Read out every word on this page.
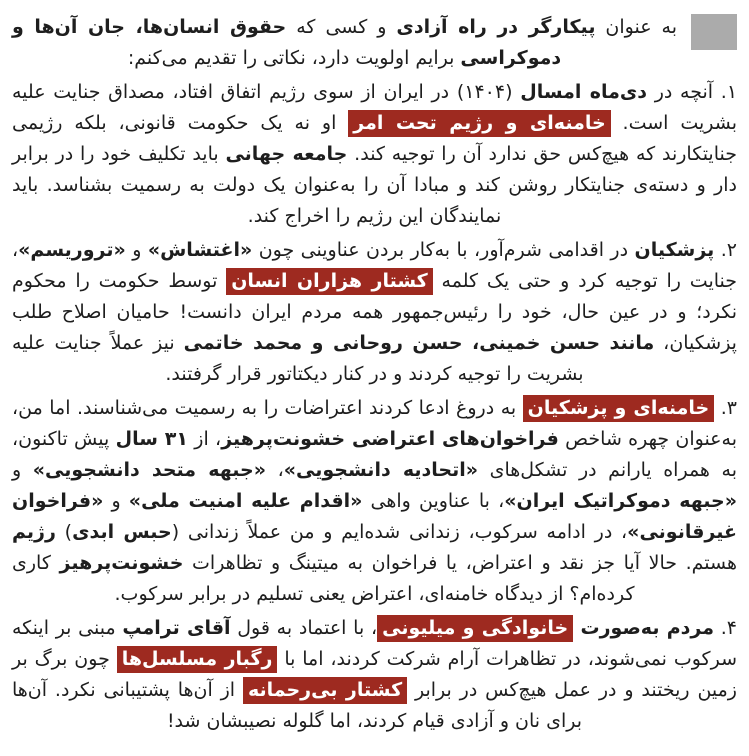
به عنوان پیکارگر در راه آزادی و کسی که حقوق انسان‌ها، جان آن‌ها و دموکراسی برایم اولویت دارد، نکاتی را تقدیم می‌کنم:

۱. آنچه در دی‌ماه امسال (۱۴۰۴) در ایران از سوی رژیم اتفاق افتاد، مصداق جنایت علیه بشریت است. خامنه‌ای و رژیم تحت امر او نه یک حکومت قانونی، بلکه رژیمی جنایتکارند که هیچ‌کس حق ندارد آن را توجیه کند. جامعه جهانی باید تکلیف خود را در برابر دار و دسته‌ی جنایتکار روشن کند و مبادا آن را به‌عنوان یک دولت به رسمیت بشناسد. باید نمایندگان این رژیم را اخراج کند.

۲. پزشکیان در اقدامی شرم‌آور، با به‌کار بردن عناوینی چون «اغتشاش» و «تروریسم»، جنایت را توجیه کرد و حتی یک کلمه کشتار هزاران انسان توسط حکومت را محکوم نکرد؛ و در عین حال، خود را رئیس‌جمهور همه مردم ایران دانست! حامیان اصلاح طلب پزشکیان، مانند حسن خمینی، حسن روحانی و محمد خاتمی نیز عملاً جنایت علیه بشریت را توجیه کردند و در کنار دیکتاتور قرار گرفتند.

۳. خامنه‌ای و پزشکیان به دروغ ادعا کردند اعتراضات را به رسمیت می‌شناسند. اما من، به‌عنوان چهره شاخص فراخوان‌های اعتراضی خشونت‌پرهیز، از ۳۱ سال پیش تاکنون، به همراه یارانم در تشکل‌های «اتحادیه دانشجویی»، «جبهه متحد دانشجویی» و «جبهه دموکراتیک ایران»، با عناوین واهی «اقدام علیه امنیت ملی» و «فراخوان غیرقانونی»، در ادامه سرکوب، زندانی شده‌ایم و من عملاً زندانی (حبس ابدی) رژیم هستم. حالا آیا جز نقد و اعتراض، یا فراخوان به میتینگ و تظاهرات خشونت‌پرهیز کاری کرده‌ام؟ از دیدگاه خامنه‌ای، اعتراض یعنی تسلیم در برابر سرکوب.

۴. مردم به‌صورت خانوادگی و میلیونی، با اعتماد به قول آقای ترامپ مبنی بر اینکه سرکوب نمی‌شوند، در تظاهرات آرام شرکت کردند، اما با رگبار مسلسل‌ها چون برگ بر زمین ریختند و در عمل هیچ‌کس در برابر کشتار بی‌رحمانه از آن‌ها پشتیبانی نکرد. آن‌ها برای نان و آزادی قیام کردند، اما گلوله نصیبشان شد!
